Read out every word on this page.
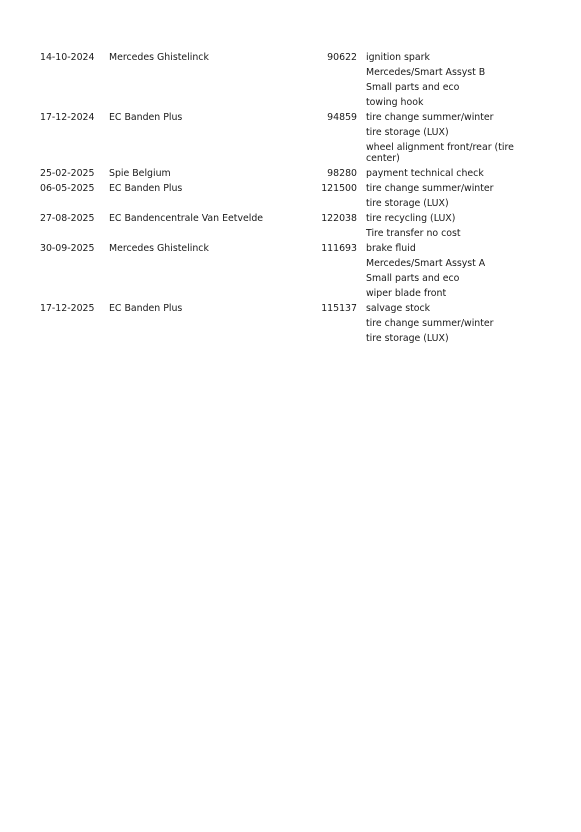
14-10-2024	Mercedes Ghistelinck	90622		ignition spark
				Mercedes/Smart Assyst B
				Small parts and eco
				towing hook
17-12-2024	EC Banden Plus	94859		tire change summer/winter
				tire storage (LUX)
				wheel alignment front/rear (tire center)
25-02-2025	Spie Belgium	98280		payment technical check
06-05-2025	EC Banden Plus	121500		tire change summer/winter
				tire storage (LUX)
27-08-2025	EC Bandencentrale Van Eetvelde	122038		tire recycling (LUX)
				Tire transfer no cost
30-09-2025	Mercedes Ghistelinck	111693		brake fluid
				Mercedes/Smart Assyst A
				Small parts and eco
				wiper blade front
17-12-2025	EC Banden Plus	115137		salvage stock
				tire change summer/winter
				tire storage (LUX)
